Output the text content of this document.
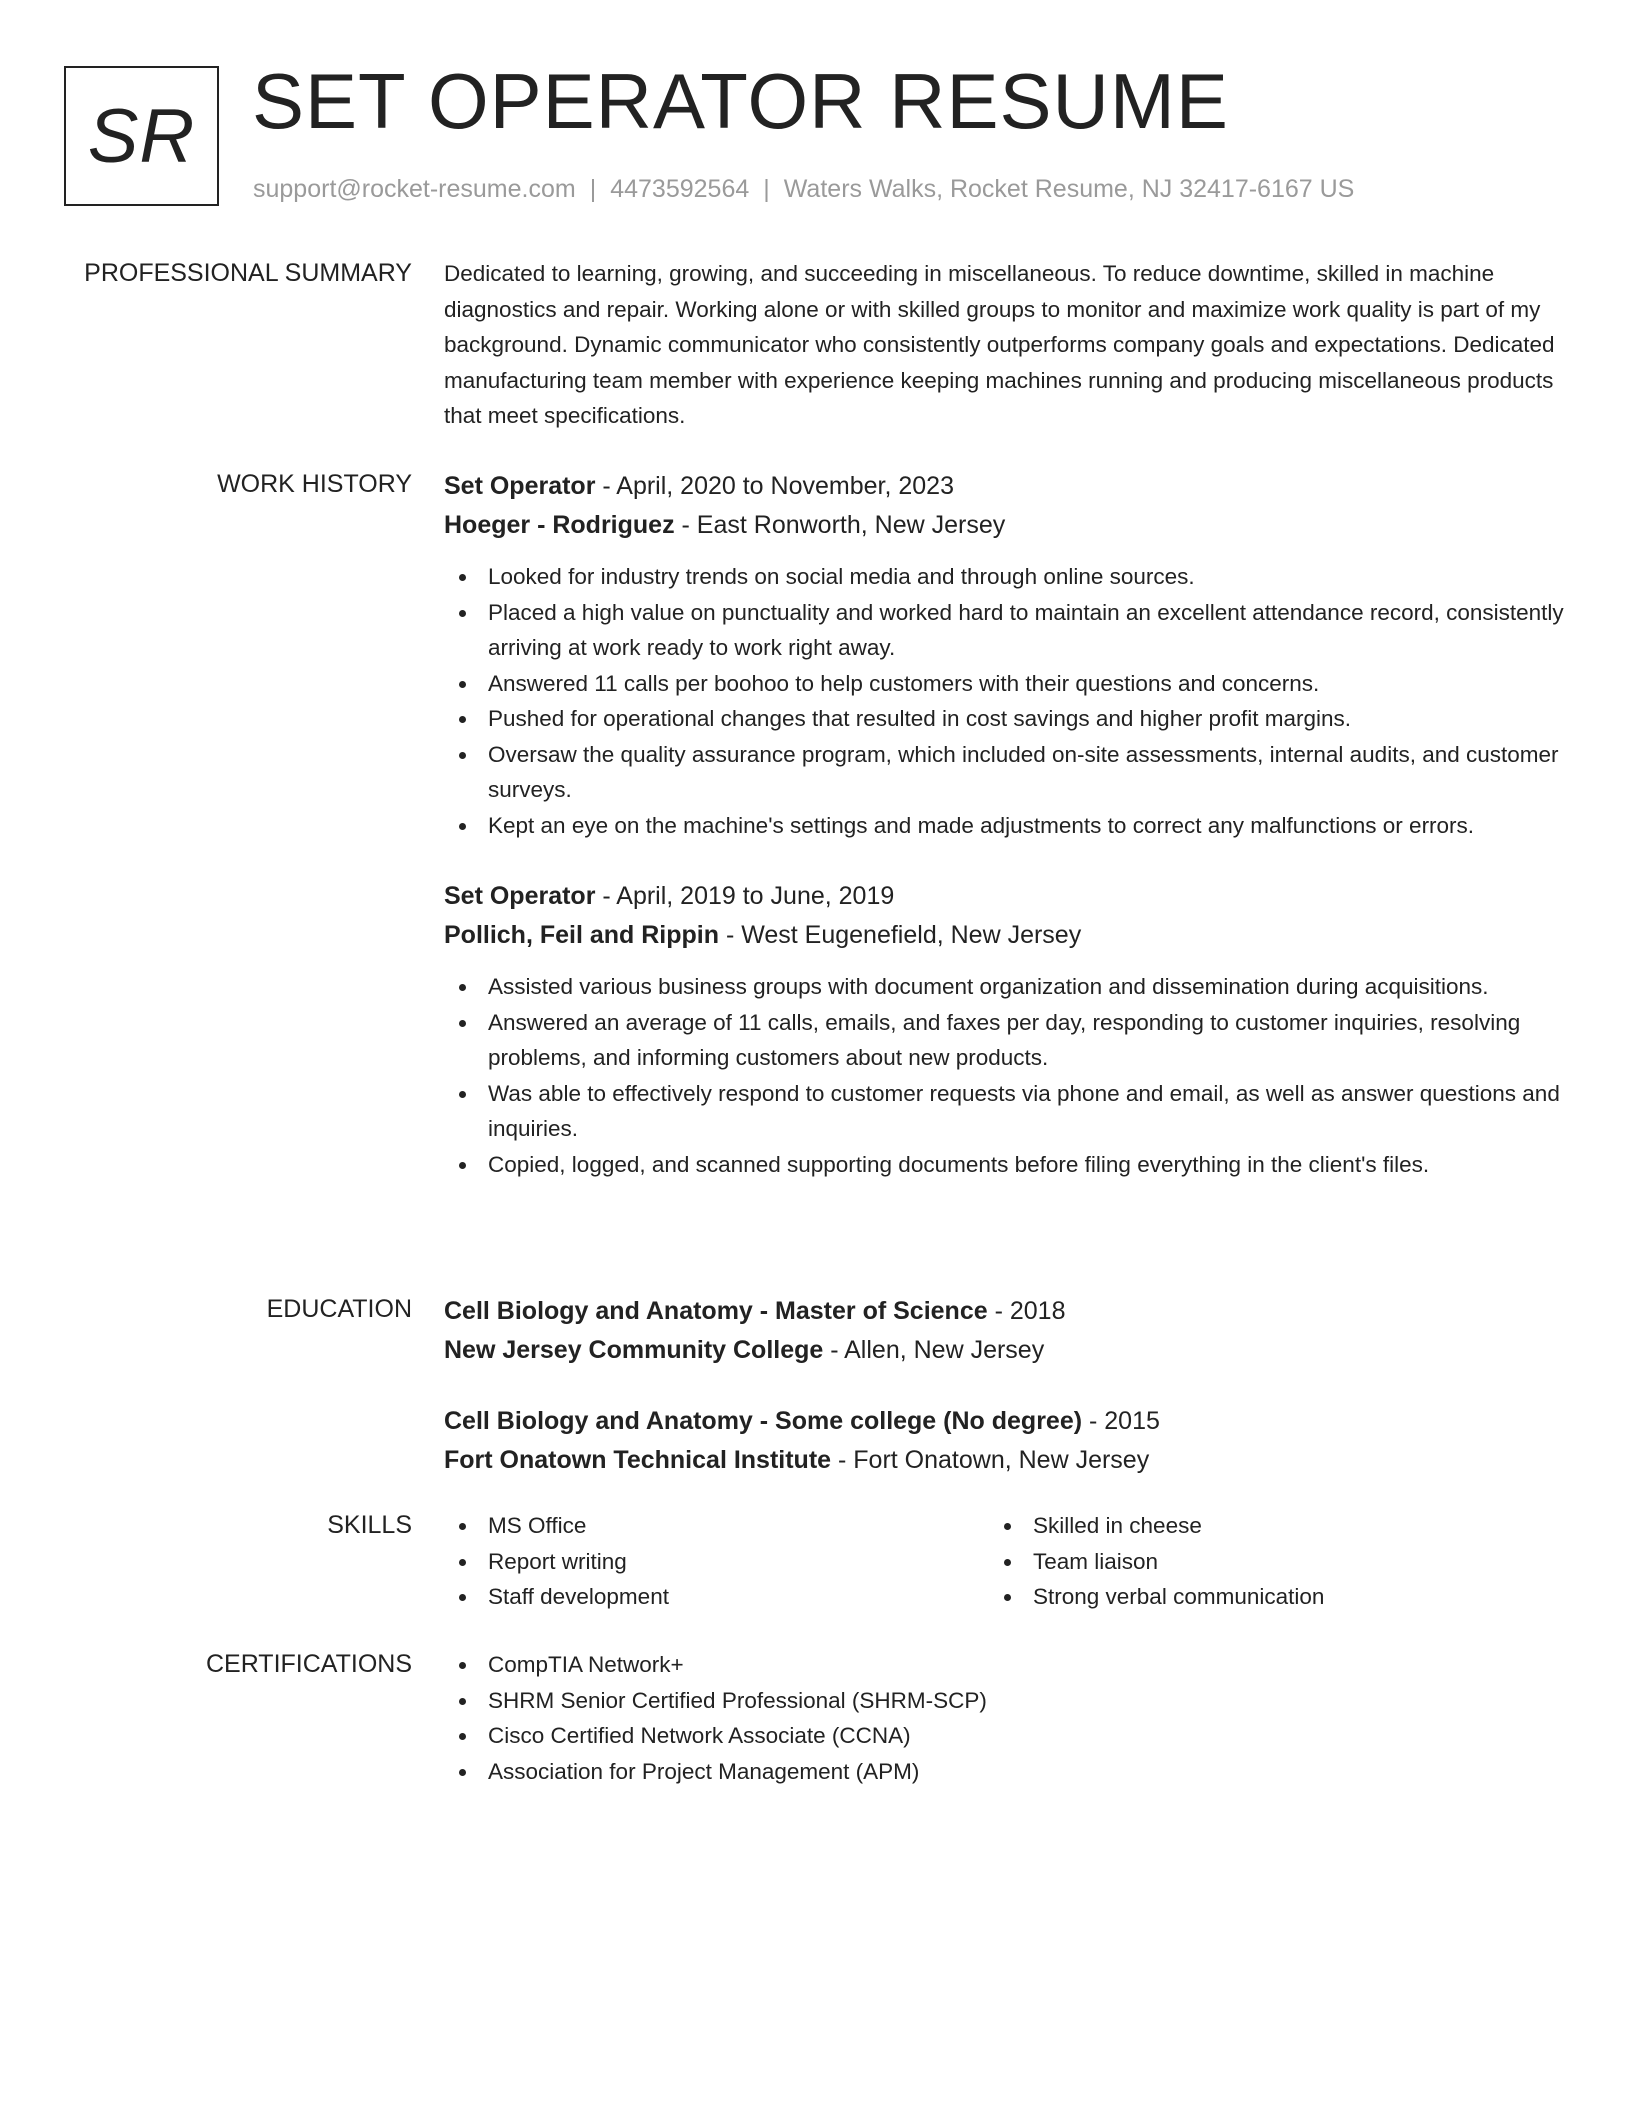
SR SET OPERATOR RESUME
support@rocket-resume.com | 4473592564 | Waters Walks, Rocket Resume, NJ 32417-6167 US
PROFESSIONAL SUMMARY Dedicated to learning, growing, and succeeding in miscellaneous. To reduce downtime, skilled in machine diagnostics and repair. Working alone or with skilled groups to monitor and maximize work quality is part of my background. Dynamic communicator who consistently outperforms company goals and expectations. Dedicated manufacturing team member with experience keeping machines running and producing miscellaneous products that meet specifications.

WORK HISTORY Set Operator - April, 2020 to November, 2023

Hoeger - Rodriguez - East Ronworth, New Jersey

Looked for industry trends on social media and through online sources.
Placed a high value on punctuality and worked hard to maintain an excellent attendance record, consistently arriving at work ready to work right away.
Answered 11 calls per boohoo to help customers with their questions and concerns.
Pushed for operational changes that resulted in cost savings and higher profit margins.
Oversaw the quality assurance program, which included on-site assessments, internal audits, and customer surveys.
Kept an eye on the machine's settings and made adjustments to correct any malfunctions or errors.

Set Operator - April, 2019 to June, 2019

Pollich, Feil and Rippin - West Eugenefield, New Jersey

Assisted various business groups with document organization and dissemination during acquisitions.
Answered an average of 11 calls, emails, and faxes per day, responding to customer inquiries, resolving problems, and informing customers about new products.
Was able to effectively respond to customer requests via phone and email, as well as answer questions and inquiries.
Copied, logged, and scanned supporting documents before filing everything in the client's files.
EDUCATION Cell Biology and Anatomy - Master of Science - 2018

New Jersey Community College - Allen, New Jersey

Cell Biology and Anatomy - Some college (No degree) - 2015

Fort Onatown Technical Institute - Fort Onatown, New Jersey

SKILLS	MS Office
Report writing
Staff development
Skilled in cheese
Team liaison
Strong verbal communication
CERTIFICATIONS	CompTIA Network+
SHRM Senior Certified Professional (SHRM-SCP)
Cisco Certified Network Associate (CCNA)
Association for Project Management (APM)
